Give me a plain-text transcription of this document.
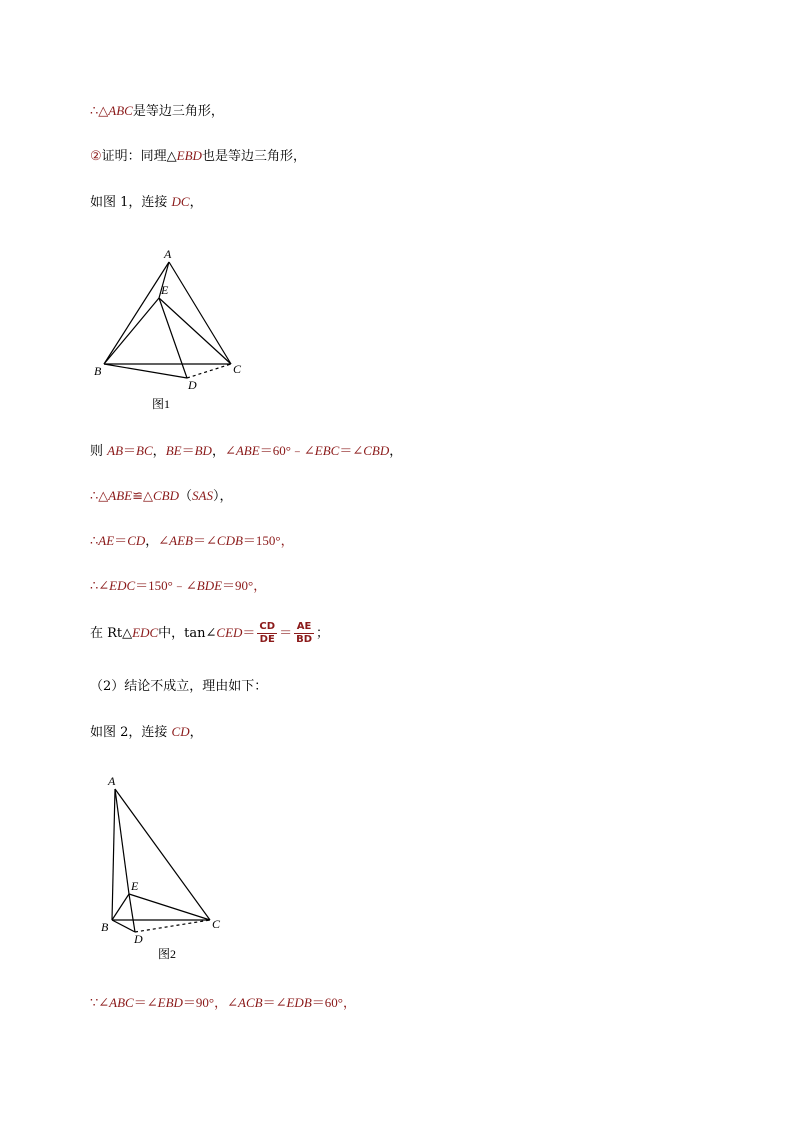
∴△ABC是等边三角形，
②证明：同理△EBD也是等边三角形，
如图 1，连接 DC，
A
E
B	C
D
图1
A
E
B	C
D
图2
则 AB＝BC，BE＝BD，∠ABE＝60°﹣∠EBC＝∠CBD，
∴△ABE≌△CBD（SAS），
∴AE＝CD，∠AEB＝∠CDB＝150°，
∴∠EDC＝150°﹣∠BDE＝90°，
在 Rt△EDC中，tan∠CED＝ $\frac{CD}{DE} = \frac{AE}{BD}$ ；
（2）结论不成立，理由如下：
如图 2，连接 CD，
∵∠ABC＝∠EBD＝90°，∠ACB＝∠EDB＝60°，
